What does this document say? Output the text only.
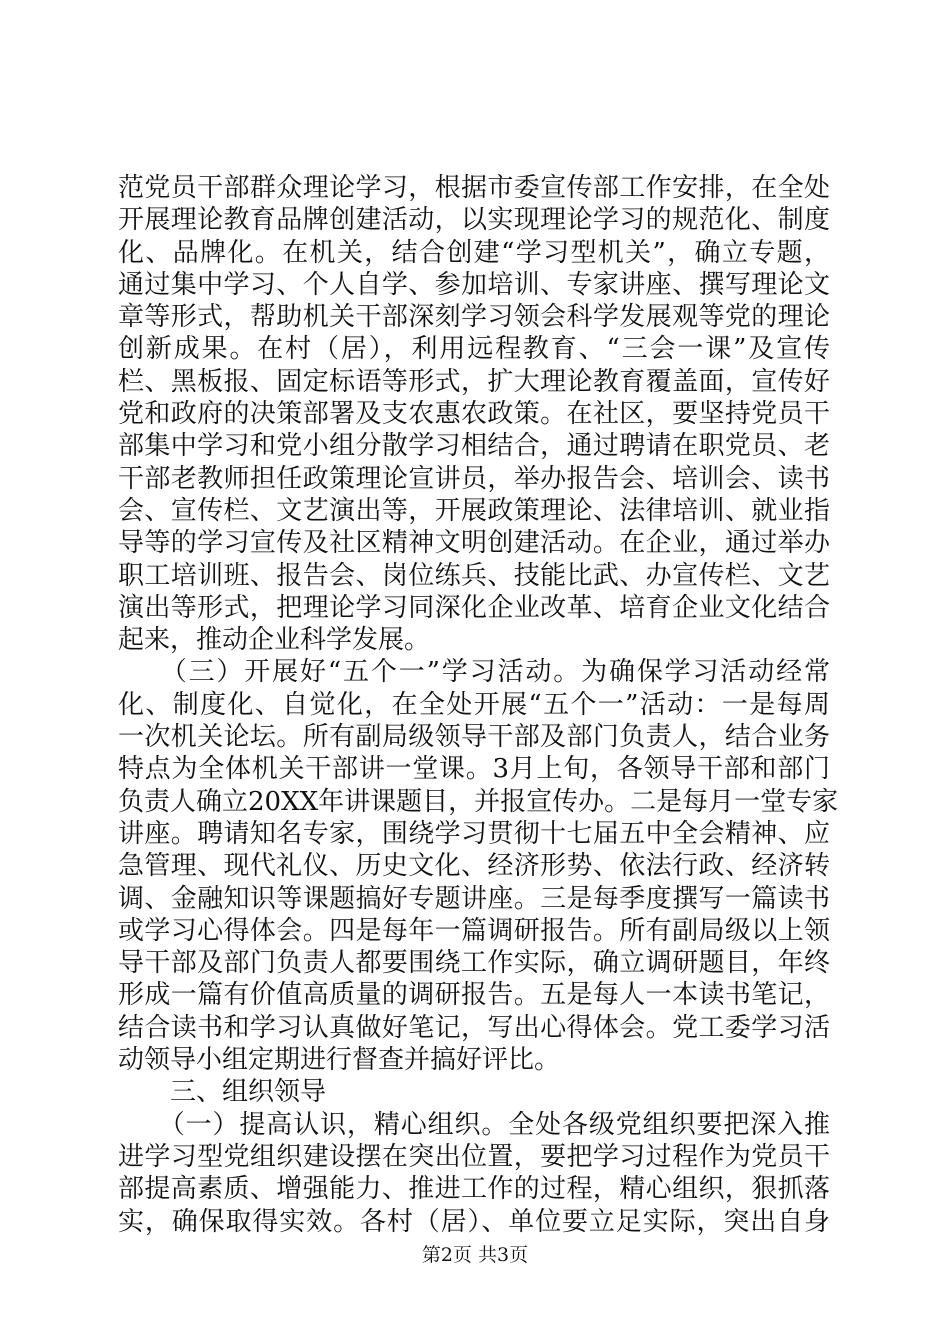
范党员干部群众理论学习，根据市委宣传部工作安排，在全处
开展理论教育品牌创建活动，以实现理论学习的规范化、制度
化、品牌化。在机关，结合创建“学习型机关”，确立专题，
通过集中学习、个人自学、参加培训、专家讲座、撰写理论文
章等形式，帮助机关干部深刻学习领会科学发展观等党的理论
创新成果。在村（居），利用远程教育、“三会一课”及宣传
栏、黑板报、固定标语等形式，扩大理论教育覆盖面，宣传好
党和政府的决策部署及支农惠农政策。在社区，要坚持党员干
部集中学习和党小组分散学习相结合，通过聘请在职党员、老
干部老教师担任政策理论宣讲员，举办报告会、培训会、读书
会、宣传栏、文艺演出等，开展政策理论、法律培训、就业指
导等的学习宣传及社区精神文明创建活动。在企业，通过举办
职工培训班、报告会、岗位练兵、技能比武、办宣传栏、文艺
演出等形式，把理论学习同深化企业改革、培育企业文化结合
起来，推动企业科学发展。
　　（三）开展好“五个一”学习活动。为确保学习活动经常
化、制度化、自觉化，在全处开展“五个一”活动：一是每周
一次机关论坛。所有副局级领导干部及部门负责人，结合业务
特点为全体机关干部讲一堂课。3月上旬，各领导干部和部门
负责人确立20XX年讲课题目，并报宣传办。二是每月一堂专家
讲座。聘请知名专家，围绕学习贯彻十七届五中全会精神、应
急管理、现代礼仪、历史文化、经济形势、依法行政、经济转
调、金融知识等课题搞好专题讲座。三是每季度撰写一篇读书
或学习心得体会。四是每年一篇调研报告。所有副局级以上领
导干部及部门负责人都要围绕工作实际，确立调研题目，年终
形成一篇有价值高质量的调研报告。五是每人一本读书笔记，
结合读书和学习认真做好笔记，写出心得体会。党工委学习活
动领导小组定期进行督查并搞好评比。
　　三、组织领导
　　（一）提高认识，精心组织。全处各级党组织要把深入推
进学习型党组织建设摆在突出位置，要把学习过程作为党员干
部提高素质、增强能力、推进工作的过程，精心组织，狠抓落
实，确保取得实效。各村（居）、单位要立足实际，突出自身
第2页 共3页
